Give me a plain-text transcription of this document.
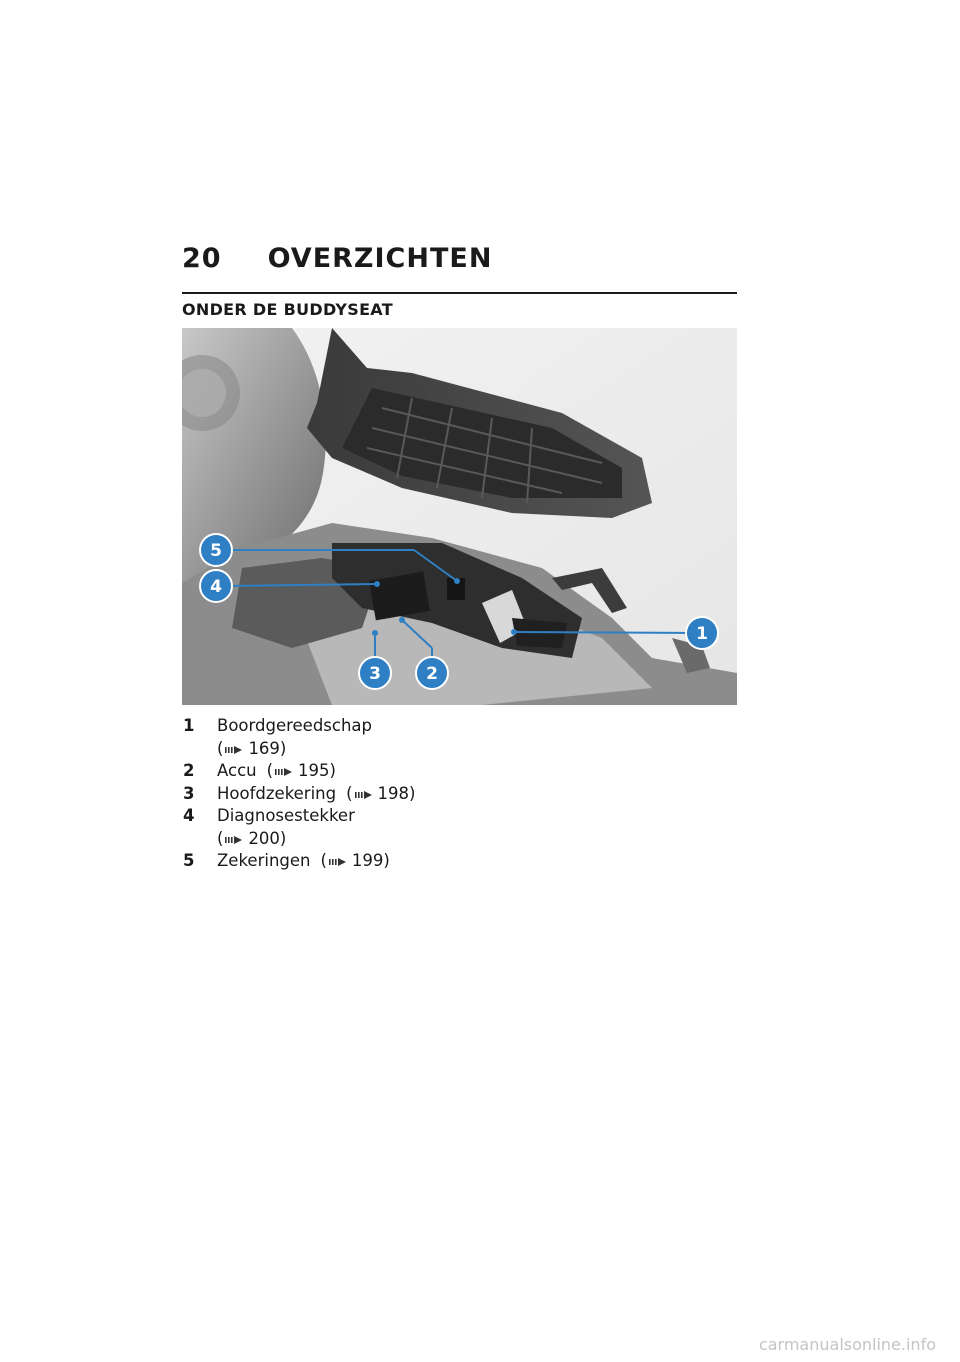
20 OVERZICHTEN
ONDER DE BUDDYSEAT
1
2
3
4
5
1	Boordgereedschap
( 169)
2	Accu ( 195)
3	Hoofdzekering ( 198)
4	Diagnosestekker
( 200)
5	Zekeringen ( 199)
carmanualsonline.info
